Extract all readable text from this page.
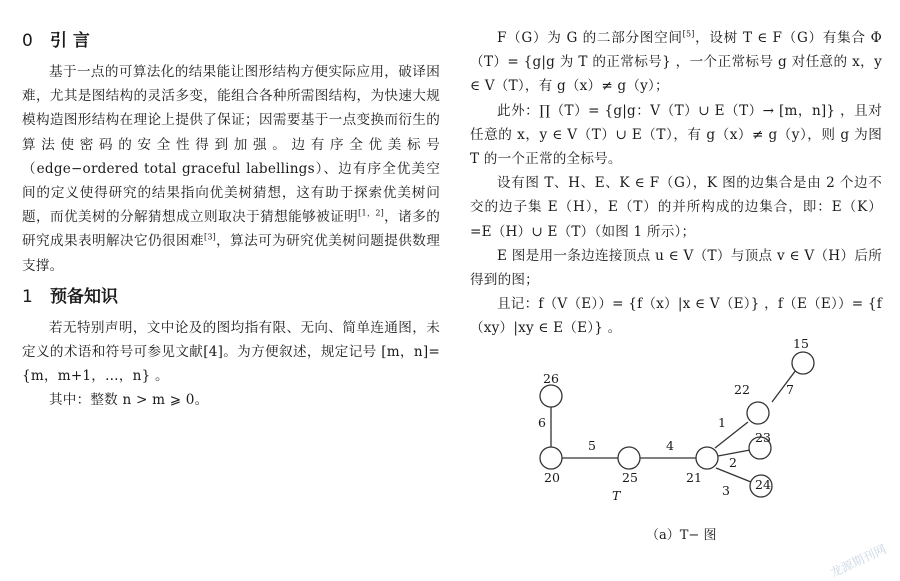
0 引 言

基于一点的可算法化的结果能让图形结构方便实际应用，破译困难，尤其是图结构的灵活多变，能组合各种所需图结构，为快速大规模构造图形结构在理论上提供了保证；因需要基于一点变换而衍生的算法使密码的安全性得到加强。边有序全优美标号（edge−ordered total graceful labellings）、边有序全优美空间的定义使得研究的结果指向优美树猜想，这有助于探索优美树问题，而优美树的分解猜想成立则取决于猜想能够被证明[1，2]，诸多的研究成果表明解决它仍很困难[3]，算法可为研究优美树问题提供数理支撑。

1 预备知识

若无特别声明，文中论及的图均指有限、无向、简单连通图，未定义的术语和符号可参见文献[4]。为方便叙述，规定记号 [m，n]= {m，m+1，…，n} 。

其中：整数 n > m ⩾ 0。

F（G）为 G 的二部分图空间[5]，设树 T ∈ F（G）有集合 Φ（T）= {g|g 为 T 的正常标号} ，一个正常标号 g 对任意的 x，y ∈ V（T），有 g（x）≠ g（y）；

此外：∏（T）= {g|g：V（T）∪ E（T）→ [m，n]} ，且对任意的 x，y ∈ V（T）∪ E（T），有 g（x）≠ g（y），则 g 为图 T 的一个正常的全标号。

设有图 T、H、E、K ∈ F（G），K 图的边集合是由 2 个边不交的边子集 E（H），E（T）的并所构成的边集合，即：E（K）=E（H）∪ E（T）（如图 1 所示）；

E 图是用一条边连接顶点 u ∈ V（T）与顶点 v ∈ V（H）后所得到的图；

且记：f（V（E））= {f（x）|x ∈ V（E）} ，f（E（E））= {f（xy）|xy ∈ E（E）} 。

26
20	25	21
22
15
23
24
6
5	4
1
7
2
3
T
（a）T− 图
龙源期刊网
